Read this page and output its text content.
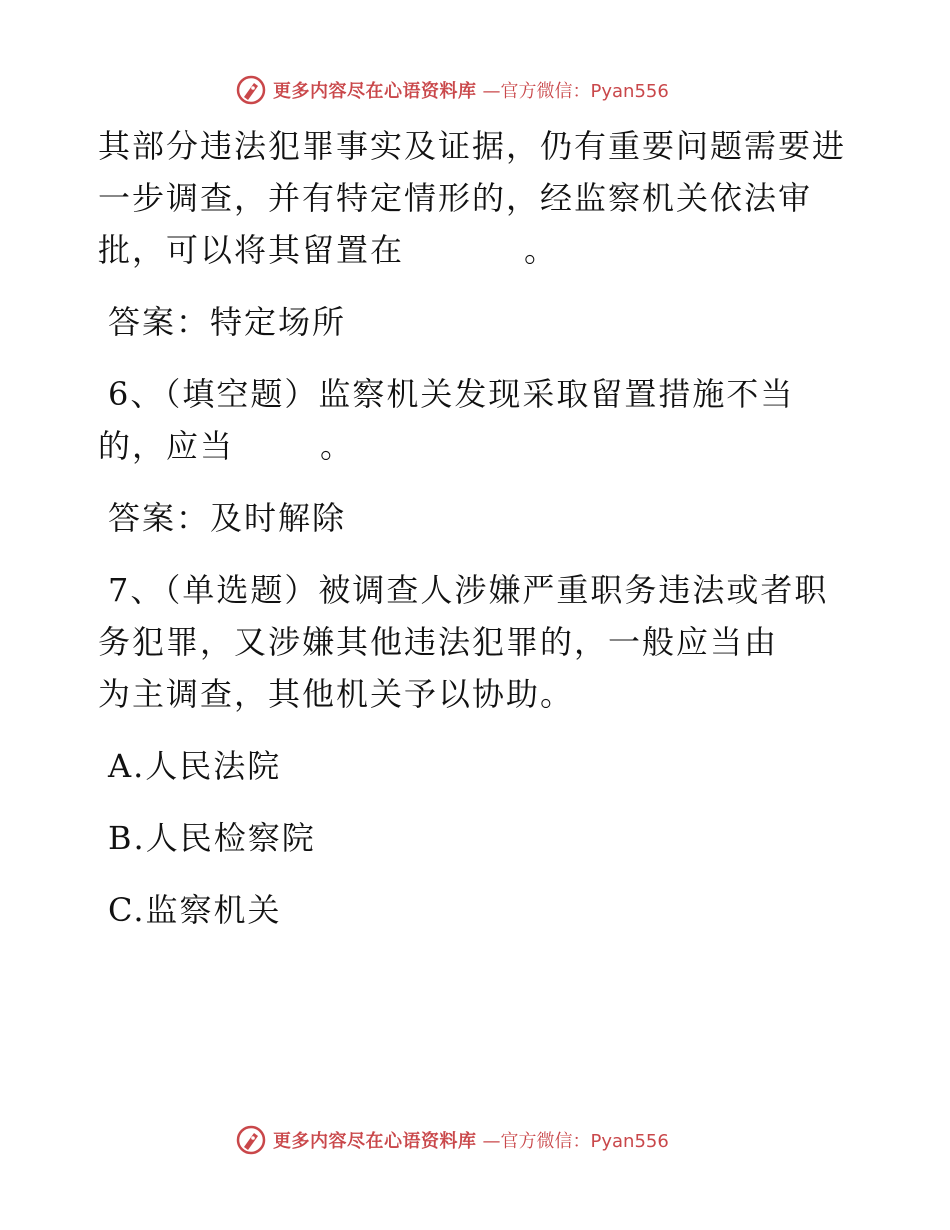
更多内容尽在心语资料库 —官方微信：Pyan556
其部分违法犯罪事实及证据，仍有重要问题需要进
一步调查，并有特定情形的，经监察机关依法审
批，可以将其留置在	。
答案：特定场所
6、（填空题）监察机关发现采取留置措施不当
的，应当	。
答案：及时解除
7、（单选题）被调查人涉嫌严重职务违法或者职
务犯罪，又涉嫌其他违法犯罪的，一般应当由
为主调查，其他机关予以协助。
A.人民法院
B.人民检察院
C.监察机关
更多内容尽在心语资料库 —官方微信：Pyan556
